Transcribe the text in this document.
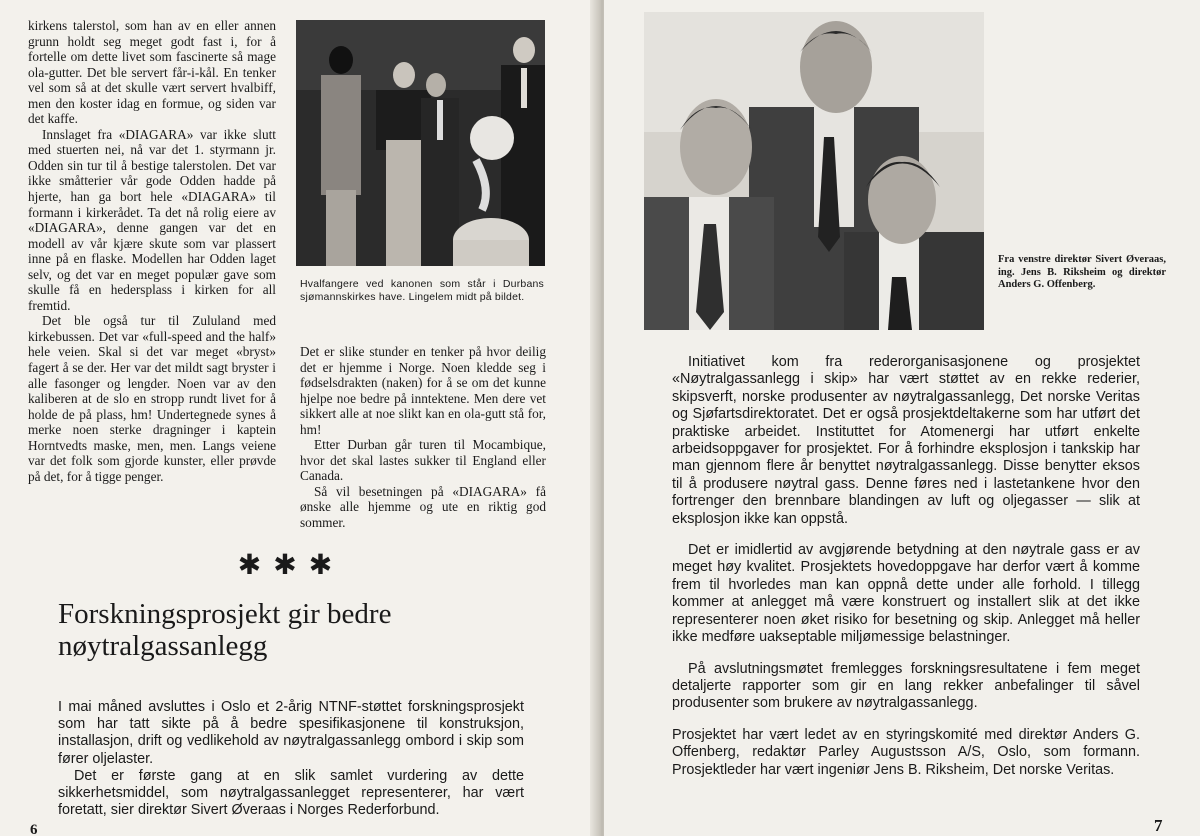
kirkens talerstol, som han av en eller annen grunn holdt seg meget godt fast i, for å fortelle om dette livet som fascinerte så mage ola-gutter. Det ble servert får-i-kål. En tenker vel som så at det skulle vært servert hvalbiff, men den koster idag en formue, og siden var det kaffe.

Innslaget fra «DIAGARA» var ikke slutt med stuerten nei, nå var det 1. styrmann jr. Odden sin tur til å bestige talerstolen. Det var ikke småtterier vår gode Odden hadde på hjerte, han ga bort hele «DIAGARA» til formann i kirkerådet. Ta det nå rolig eiere av «DIAGARA», denne gangen var det en modell av vår kjære skute som var plassert inne på en flaske. Modellen har Odden laget selv, og det var en meget populær gave som skulle få en hedersplass i kirken for all fremtid.

Det ble også tur til Zululand med kirkebussen. Det var «full-speed and the half» hele veien. Skal si det var meget «bryst» fagert å se der. Her var det mildt sagt bryster i alle fasonger og lengder. Noen var av den kaliberen at de slo en stropp rundt livet for å holde de på plass, hm! Undertegnede synes å merke noen sterke dragninger i kaptein Horntvedts maske, men, men. Langs veiene var det folk som gjorde kunster, eller prøvde på det, for å tigge penger.

Hvalfangere ved kanonen som står i Durbans sjømannskirkes have. Lingelem midt på bildet.

Det er slike stunder en tenker på hvor deilig det er hjemme i Norge. Noen kledde seg i fødselsdrakten (naken) for å se om det kunne hjelpe noe bedre på inntektene. Men dere vet sikkert alle at noe slikt kan en ola-gutt stå for, hm!

Etter Durban går turen til Mocambique, hvor det skal lastes sukker til England eller Canada.

Så vil besetningen på «DIAGARA» få ønske alle hjemme og ute en riktig god sommer.

✱✱✱
Forskningsprosjekt gir bedre nøytralgassanlegg

I mai måned avsluttes i Oslo et 2-årig NTNF-støttet forskningsprosjekt som har tatt sikte på å bedre spesifikasjonene til konstruksjon, installasjon, drift og vedlikehold av nøytralgassanlegg ombord i skip som fører oljelaster.

Det er første gang at en slik samlet vurdering av dette sikkerhetsmiddel, som nøytralgassanlegget representerer, har vært foretatt, sier direktør Sivert Øveraas i Norges Rederforbund.

6
Fra venstre direktør Sivert Øveraas, ing. Jens B. Riksheim og direktør Anders G. Offenberg.

Initiativet kom fra rederorganisasjonene og prosjektet «Nøytralgassanlegg i skip» har vært støttet av en rekke rederier, skipsverft, norske produsenter av nøytralgassanlegg, Det norske Veritas og Sjøfartsdirektoratet. Det er også prosjektdeltakerne som har utført det praktiske arbeidet. Instituttet for Atomenergi har utført enkelte arbeidsoppgaver for prosjektet. For å forhindre eksplosjon i tankskip har man gjennom flere år benyttet nøytralgassanlegg. Disse benytter eksos til å produsere nøytral gass. Denne føres ned i lastetankene hvor den fortrenger den brennbare blandingen av luft og oljegasser — slik at eksplosjon ikke kan oppstå.

Det er imidlertid av avgjørende betydning at den nøytrale gass er av meget høy kvalitet. Prosjektets hovedoppgave har derfor vært å komme frem til hvorledes man kan oppnå dette under alle forhold. I tillegg kommer at anlegget må være konstruert og installert slik at det ikke representerer noen øket risiko for besetning og skip. Anlegget må heller ikke medføre uakseptable miljømessige belastninger.

På avslutningsmøtet fremlegges forskningsresultatene i fem meget detaljerte rapporter som gir en lang rekker anbefalinger til såvel produsenter som brukere av nøytralgassanlegg.

Prosjektet har vært ledet av en styringskomité med direktør Anders G. Offenberg, redaktør Parley Augustsson A/S, Oslo, som formann. Prosjektleder har vært ingeniør Jens B. Riksheim, Det norske Veritas.

7
